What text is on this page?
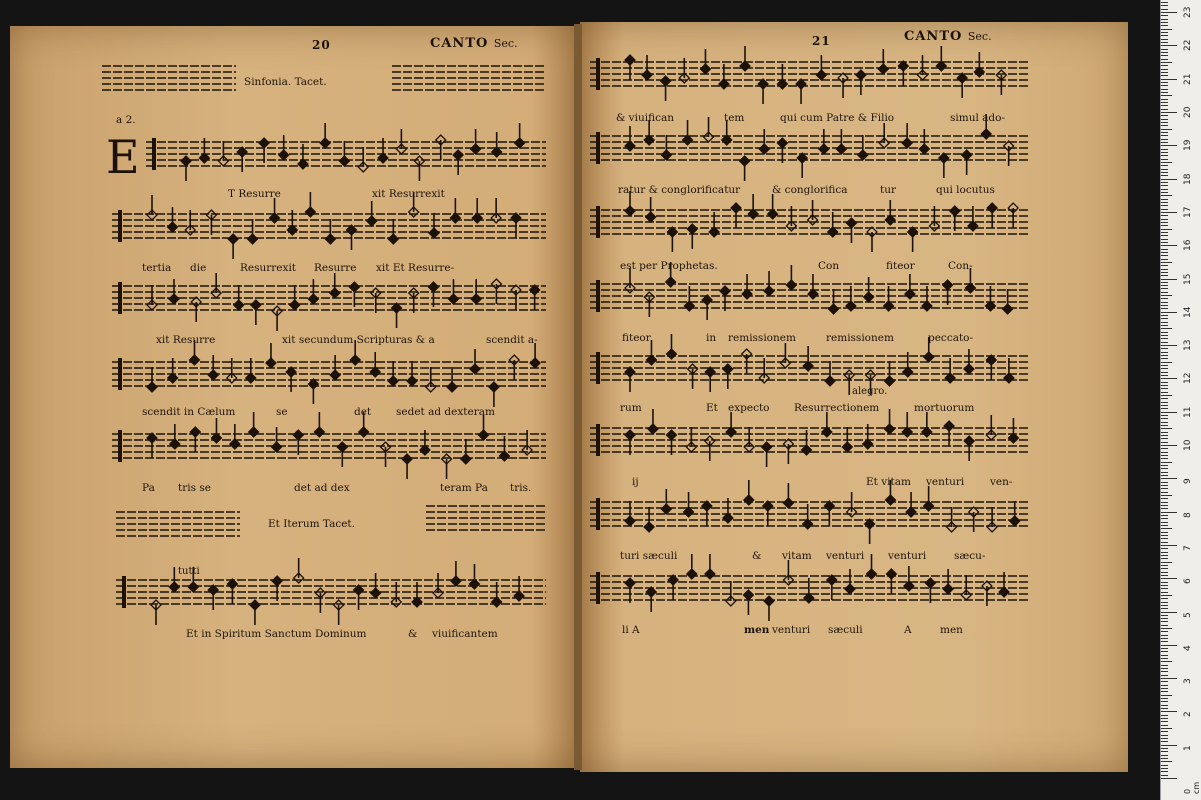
20	CANTO Sec.	21	CANTO Sec.
Sinfonia. Tacet.
a 2.
E
T Resurre	xit Resurrexit
tertia die	Resurrexit Resurre xit Et Resurre-
xit Resurre	xit secundum Scripturas & a	scendit a-
scendit in Cælum	se	det sedet ad dexteram
Pa tris se	det ad dex	teram Pa tris.
Et Iterum Tacet.
tutti
Et in Spiritum Sanctum Dominum	& viuificantem
& viuifican	tem	qui cum Patre & Filio	simul ado-
ratur & conglorificatur	& conglorifica	tur	qui locutus
est per Prophetas.	Con	fiteor	Con-
fiteor	in remissionem	remissionem	peccato-
alegro.
rum	Et expecto Resurrectionem	mortuorum
ij	Et vitam venturi ven-
turi sæculi	& vitam venturi venturi	sæcu-
li A	men venturi sæculi	A	men
0 cm
1
2
3
4
5
6
7
8
9
10
11
12
13
14
15
16
17
18
19
20
21
22
23
